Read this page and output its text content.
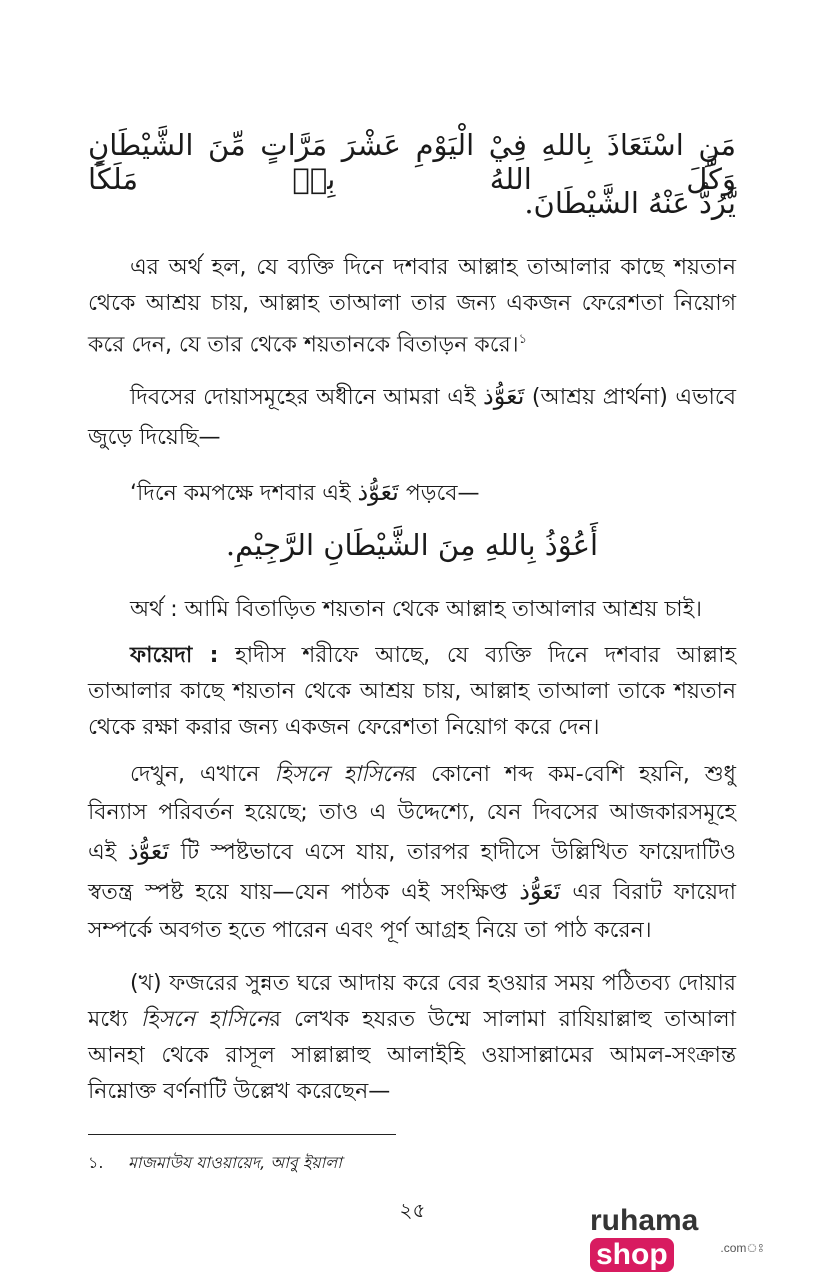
مَنِ اسْتَعَاذَ بِاللهِ فِيْ الْيَوْمِ عَشْرَ مَرَّاتٍ مِّنَ الشَّيْطَانِ وَكَّلَ اللهُ بِهٖ مَلَكًا
يَّرُدُّ عَنْهُ الشَّيْطَانَ.

এর অর্থ হল, যে ব্যক্তি দিনে দশবার আল্লাহ তাআলার কাছে শয়তান থেকে আশ্রয় চায়, আল্লাহ তাআলা তার জন্য একজন ফেরেশতা নিয়োগ করে দেন, যে তার থেকে শয়তানকে বিতাড়ন করে।$^১$

দিবসের দোয়াসমূহের অধীনে আমরা এই تَعَوُّذ (আশ্রয় প্রার্থনা) এভাবে জুড়ে দিয়েছি—

‘দিনে কমপক্ষে দশবার এই تَعَوُّذ পড়বে—

أَعُوْذُ بِاللهِ مِنَ الشَّيْطَانِ الرَّجِيْمِ.

অর্থ : আমি বিতাড়িত শয়তান থেকে আল্লাহ তাআলার আশ্রয় চাই।

ফায়েদা : হাদীস শরীফে আছে, যে ব্যক্তি দিনে দশবার আল্লাহ তাআলার কাছে শয়তান থেকে আশ্রয় চায়, আল্লাহ তাআলা তাকে শয়তান থেকে রক্ষা করার জন্য একজন ফেরেশতা নিয়োগ করে দেন।

দেখুন, এখানে হিসনে হাসিনের কোনো শব্দ কম-বেশি হয়নি, শুধু বিন্যাস পরিবর্তন হয়েছে; তাও এ উদ্দেশ্যে, যেন দিবসের আজকারসমূহে এই تَعَوُّذ টি স্পষ্টভাবে এসে যায়, তারপর হাদীসে উল্লিখিত ফায়েদাটিও স্বতন্ত্র স্পষ্ট হয়ে যায়—যেন পাঠক এই সংক্ষিপ্ত تَعَوُّذ এর বিরাট ফায়েদা সম্পর্কে অবগত হতে পারেন এবং পূর্ণ আগ্রহ নিয়ে তা পাঠ করেন।

(খ) ফজরের সুন্নত ঘরে আদায় করে বের হওয়ার সময় পঠিতব্য দোয়ার মধ্যে হিসনে হাসিনের লেখক হযরত উম্মে সালামা রাযিয়াল্লাহু তাআলা আনহা থেকে রাসূল সাল্লাল্লাহু আলাইহি ওয়াসাল্লামের আমল-সংক্রান্ত নিম্নোক্ত বর্ণনাটি উল্লেখ করেছেন—

১. মাজমাউয যাওয়ায়েদ, আবু ইয়ালা
২৫	ruhamashop	.comঃ
